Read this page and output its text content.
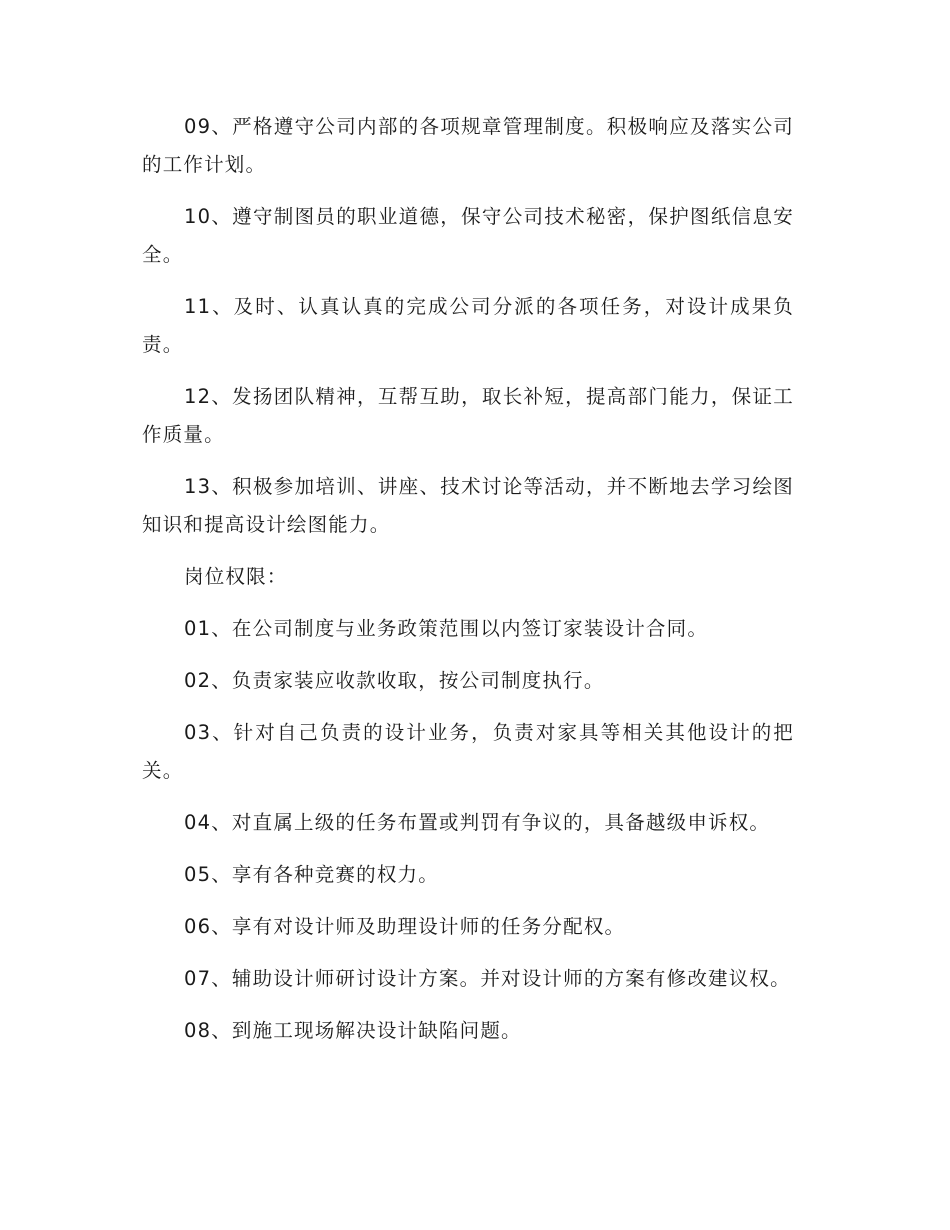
09、严格遵守公司内部的各项规章管理制度。积极响应及落实公司的工作计划。

10、遵守制图员的职业道德，保守公司技术秘密，保护图纸信息安全。

11、及时、认真认真的完成公司分派的各项任务，对设计成果负责。

12、发扬团队精神，互帮互助，取长补短，提高部门能力，保证工作质量。

13、积极参加培训、讲座、技术讨论等活动，并不断地去学习绘图知识和提高设计绘图能力。

岗位权限：

01、在公司制度与业务政策范围以内签订家装设计合同。

02、负责家装应收款收取，按公司制度执行。

03、针对自己负责的设计业务，负责对家具等相关其他设计的把关。

04、对直属上级的任务布置或判罚有争议的，具备越级申诉权。

05、享有各种竞赛的权力。

06、享有对设计师及助理设计师的任务分配权。

07、辅助设计师研讨设计方案。并对设计师的方案有修改建议权。

08、到施工现场解决设计缺陷问题。
